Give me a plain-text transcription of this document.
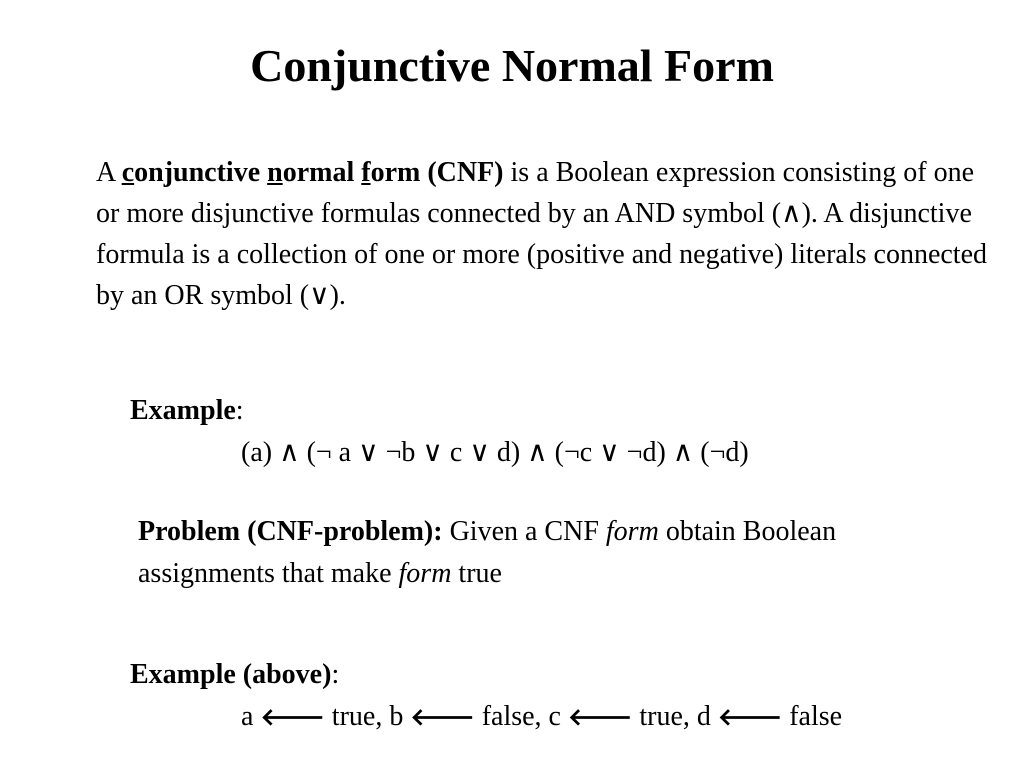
Conjunctive Normal Form

A conjunctive normal form (CNF) is a Boolean expression consisting of one or more disjunctive formulas connected by an AND symbol (∧). A disjunctive formula is a collection of one or more (positive and negative) literals connected by an OR symbol (∨).

Example:

(a) ∧ (¬ a ∨ ¬b ∨ c ∨ d) ∧ (¬c ∨ ¬d) ∧ (¬d)

Problem (CNF-problem): Given a CNF form obtain Boolean assignments that make form true

Example (above):

a 🡐 true, b 🡐 false, c 🡐 true, d 🡐 false
